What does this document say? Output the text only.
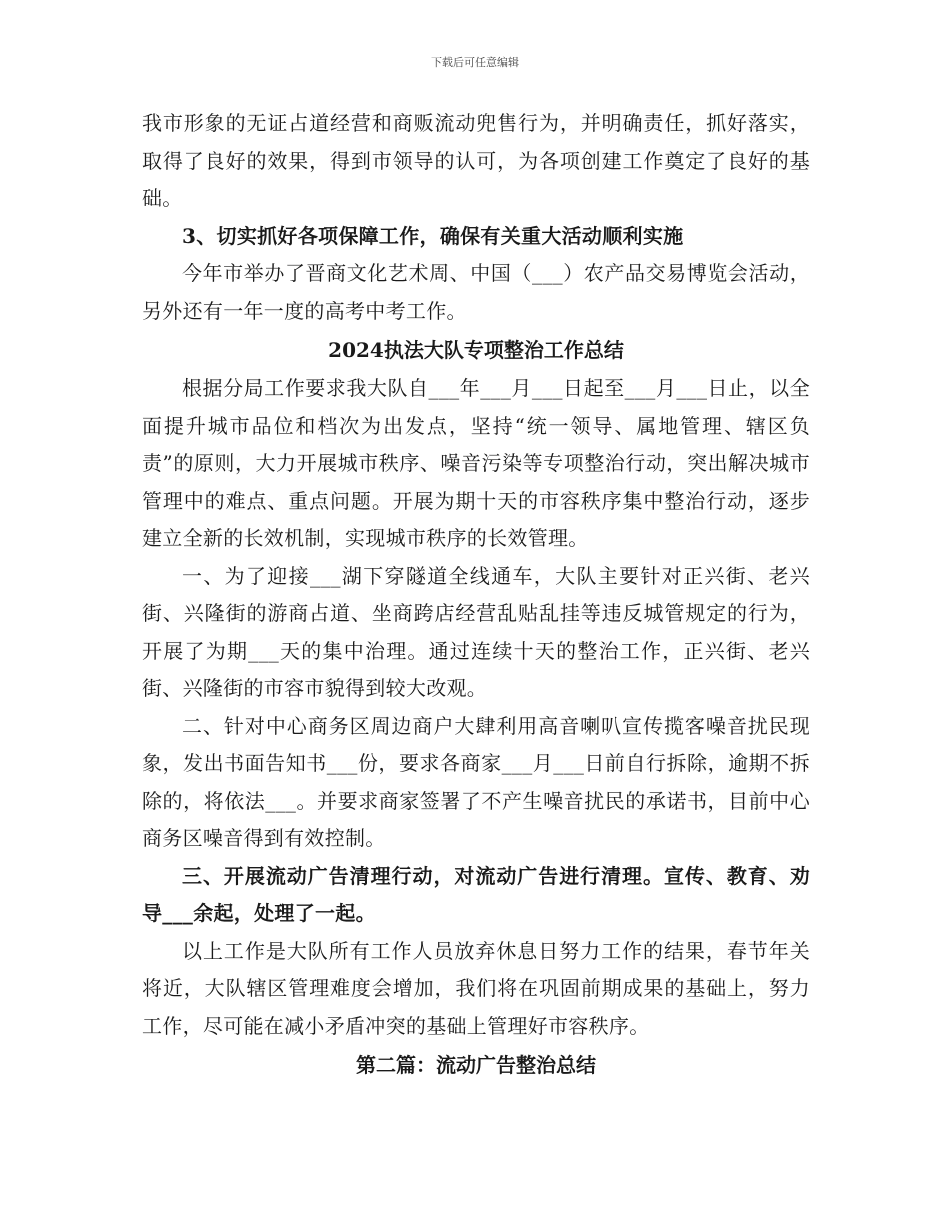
下载后可任意编辑

我市形象的无证占道经营和商贩流动兜售行为，并明确责任，抓好落实，取得了良好的效果，得到市领导的认可，为各项创建工作奠定了良好的基础。

3、切实抓好各项保障工作，确保有关重大活动顺利实施

今年市举办了晋商文化艺术周、中国（___）农产品交易博览会活动，另外还有一年一度的高考中考工作。

2024执法大队专项整治工作总结

根据分局工作要求我大队自___年___月___日起至___月___日止，以全面提升城市品位和档次为出发点，坚持“统一领导、属地管理、辖区负责”的原则，大力开展城市秩序、噪音污染等专项整治行动，突出解决城市管理中的难点、重点问题。开展为期十天的市容秩序集中整治行动，逐步建立全新的长效机制，实现城市秩序的长效管理。

一、为了迎接___湖下穿隧道全线通车，大队主要针对正兴街、老兴街、兴隆街的游商占道、坐商跨店经营乱贴乱挂等违反城管规定的行为，开展了为期___天的集中治理。通过连续十天的整治工作，正兴街、老兴街、兴隆街的市容市貌得到较大改观。

二、针对中心商务区周边商户大肆利用高音喇叭宣传揽客噪音扰民现象，发出书面告知书___份，要求各商家___月___日前自行拆除，逾期不拆除的，将依法___。并要求商家签署了不产生噪音扰民的承诺书，目前中心商务区噪音得到有效控制。

三、开展流动广告清理行动，对流动广告进行清理。宣传、教育、劝导___余起，处理了一起。

以上工作是大队所有工作人员放弃休息日努力工作的结果，春节年关将近，大队辖区管理难度会增加，我们将在巩固前期成果的基础上，努力工作，尽可能在减小矛盾冲突的基础上管理好市容秩序。

第二篇：流动广告整治总结
